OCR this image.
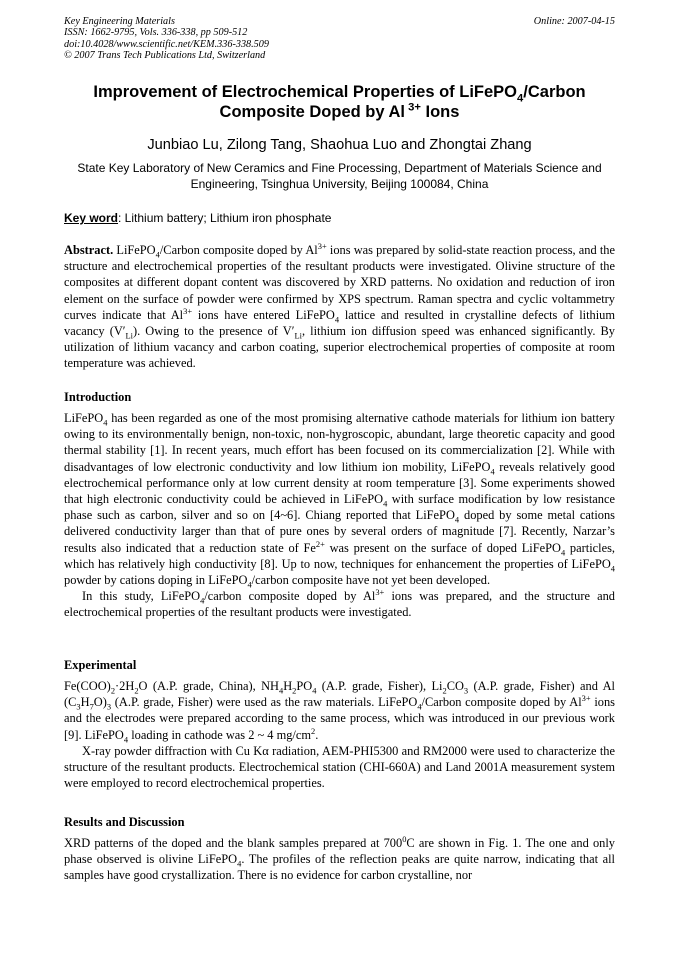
Key Engineering Materials
ISSN: 1662-9795, Vols. 336-338, pp 509-512
doi:10.4028/www.scientific.net/KEM.336-338.509
© 2007 Trans Tech Publications Ltd, Switzerland
Online: 2007-04-15
Improvement of Electrochemical Properties of LiFePO$_4$/Carbon
Composite Doped by Al $^{3+}$ Ions
Junbiao Lu, Zilong Tang, Shaohua Luo and Zhongtai Zhang
State Key Laboratory of New Ceramics and Fine Processing, Department of Materials Science and
Engineering, Tsinghua University, Beijing 100084, China
Key word: Lithium battery; Lithium iron phosphate

Abstract. LiFePO$_4$/Carbon composite doped by $Al^{3+}$ ions was prepared by solid-state reaction process, and the structure and electrochemical properties of the resultant products were investigated. Olivine structure of the composites at different dopant content was discovered by XRD patterns. No oxidation and reduction of iron element on the surface of powder were confirmed by XPS spectrum. Raman spectra and cyclic voltammetry curves indicate that $Al^{3+}$ ions have entered LiFePO$_4$ lattice and resulted in crystalline defects of lithium vacancy $(V'_{Li})$. Owing to the presence of $V'_{Li}$, lithium ion diffusion speed was enhanced significantly. By utilization of lithium vacancy and carbon coating, superior electrochemical properties of composite at room temperature was achieved.

Introduction

LiFePO$_4$ has been regarded as one of the most promising alternative cathode materials for lithium ion battery owing to its environmentally benign, non-toxic, non-hygroscopic, abundant, large theoretic capacity and good thermal stability [1]. In recent years, much effort has been focused on its commercialization [2]. While with disadvantages of low electronic conductivity and low lithium ion mobility, LiFePO$_4$ reveals relatively good electrochemical performance only at low current density at room temperature [3]. Some experiments showed that high electronic conductivity could be achieved in LiFePO$_4$ with surface modification by low resistance phase such as carbon, silver and so on [4~6]. Chiang reported that LiFePO$_4$ doped by some metal cations delivered conductivity larger than that of pure ones by several orders of magnitude [7]. Recently, Narzar’s results also indicated that a reduction state of $Fe^{2+}$ was present on the surface of doped LiFePO$_4$ particles, which has relatively high conductivity [8]. Up to now, techniques for enhancement the properties of LiFePO$_4$ powder by cations doping in LiFePO$_4$/carbon composite have not yet been developed.

In this study, LiFePO$_4$/carbon composite doped by $Al^{3+}$ ions was prepared, and the structure and electrochemical properties of the resultant products were investigated.

Experimental

$Fe(COO)_2\cdot 2H_2O$ (A.P. grade, China), $NH_4H_2PO_4$ (A.P. grade, Fisher), $Li_2CO_3$ (A.P. grade, Fisher) and Al $(C_3H_7O)_3$ (A.P. grade, Fisher) were used as the raw materials. LiFePO$_4$/Carbon composite doped by $Al^{3+}$ ions and the electrodes were prepared according to the same process, which was introduced in our previous work [9]. LiFePO$_4$ loading in cathode was 2 ~ 4 $mg/cm^2$.

X-ray powder diffraction with Cu Kα radiation, AEM-PHI5300 and RM2000 were used to characterize the structure of the resultant products. Electrochemical station (CHI-660A) and Land 2001A measurement system were employed to record electrochemical properties.

Results and Discussion

XRD patterns of the doped and the blank samples prepared at $700^0C$ are shown in Fig. 1. The one and only phase observed is olivine LiFePO$_4$. The profiles of the reflection peaks are quite narrow, indicating that all samples have good crystallization. There is no evidence for carbon crystalline, nor
